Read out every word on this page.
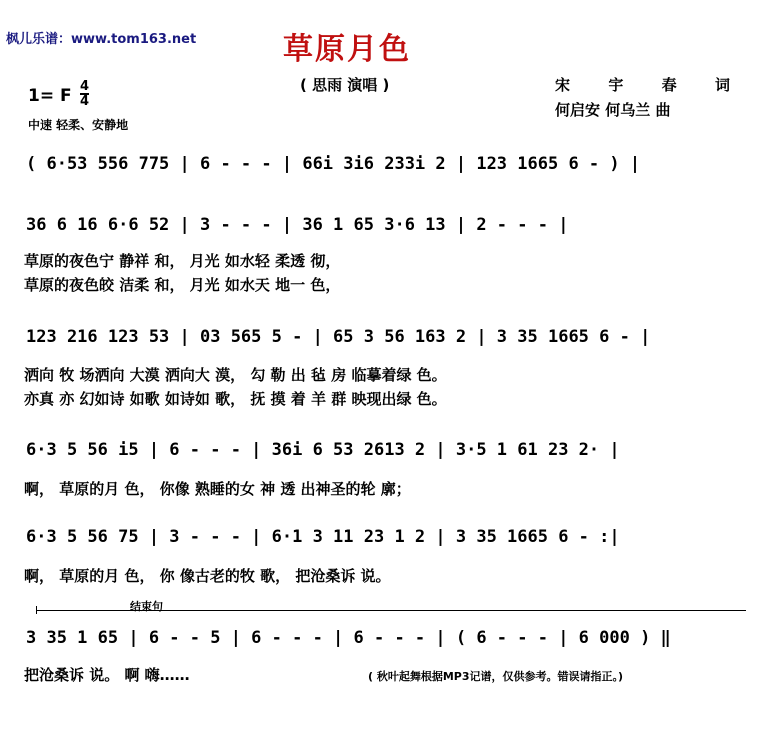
枫儿乐谱：www.tom163.net	草原月色
( 思雨 演唱 )	宋	宇	春	词
何启安 何乌兰 曲
1= F 4
4
中速 轻柔、安静地
( 6·53 556 775 | 6 - - - | 66i 3i6 233i 2 | 123 1665 6 - ) |
36 6 16 6·6 52 | 3 - - - | 36 1 65 3·6 13 | 2 - - - |
草原的夜色宁 静祥 和， 月光 如水轻 柔透 彻，
草原的夜色皎 洁柔 和， 月光 如水天 地一 色，
123 216 123 53 | 03 565 5 - | 65 3 56 163 2 | 3 35 1665 6 - |
洒向 牧 场洒向 大漠 洒向大 漠， 勾 勒 出 毡 房 临摹着绿 色。
亦真 亦 幻如诗 如歌 如诗如 歌， 抚 摸 着 羊 群 映现出绿 色。
6·3 5 56 i5 | 6 - - - | 36i 6 53 2613 2 | 3·5 1 61 23 2· |
啊， 草原的月 色， 你像 熟睡的女 神 透 出神圣的轮 廓；
6·3 5 56 75 | 3 - - - | 6·1 3 11 23 1 2 | 3 35 1665 6 - :|
啊， 草原的月 色， 你 像古老的牧 歌， 把沧桑诉 说。
结束句
3 35 1 65 | 6 - - 5 | 6 - - - | 6 - - - | ( 6 - - - | 6 000 ) ‖
把沧桑诉 说。 啊 嗨……	( 秋叶起舞根据MP3记谱，仅供参考。错误请指正。)
